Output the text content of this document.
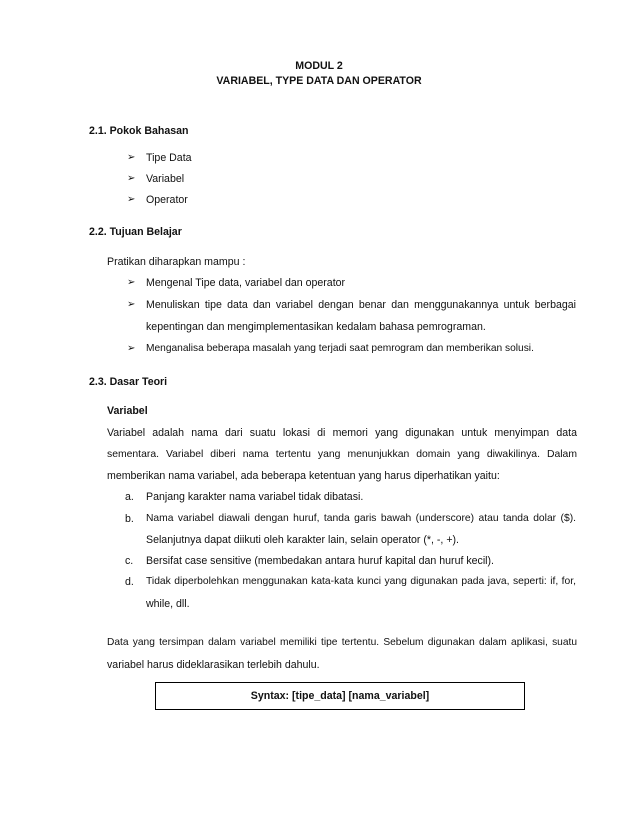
MODUL 2
VARIABEL, TYPE DATA DAN OPERATOR
2.1. Pokok Bahasan
➢ Tipe Data
➢ Variabel
➢ Operator
2.2. Tujuan Belajar
Pratikan diharapkan mampu :
➢ Mengenal Tipe data, variabel dan operator
➢ Menuliskan tipe data dan variabel dengan benar dan menggunakannya untuk berbagai
kepentingan dan mengimplementasikan kedalam bahasa pemrograman.
➢ Menganalisa beberapa masalah yang terjadi saat pemrogram dan memberikan solusi.
2.3. Dasar Teori
Variabel
Variabel adalah nama dari suatu lokasi di memori yang digunakan untuk menyimpan data
sementara. Variabel diberi nama tertentu yang menunjukkan domain yang diwakilinya. Dalam
memberikan nama variabel, ada beberapa ketentuan yang harus diperhatikan yaitu:
a. Panjang karakter nama variabel tidak dibatasi.
b. Nama variabel diawali dengan huruf, tanda garis bawah (underscore) atau tanda dolar ($).
Selanjutnya dapat diikuti oleh karakter lain, selain operator (*, -, +).
c. Bersifat case sensitive (membedakan antara huruf kapital dan huruf kecil).
d. Tidak diperbolehkan menggunakan kata-kata kunci yang digunakan pada java, seperti: if, for,
while, dll.
Data yang tersimpan dalam variabel memiliki tipe tertentu. Sebelum digunakan dalam aplikasi, suatu
variabel harus dideklarasikan terlebih dahulu.
Syntax: [tipe_data] [nama_variabel]
